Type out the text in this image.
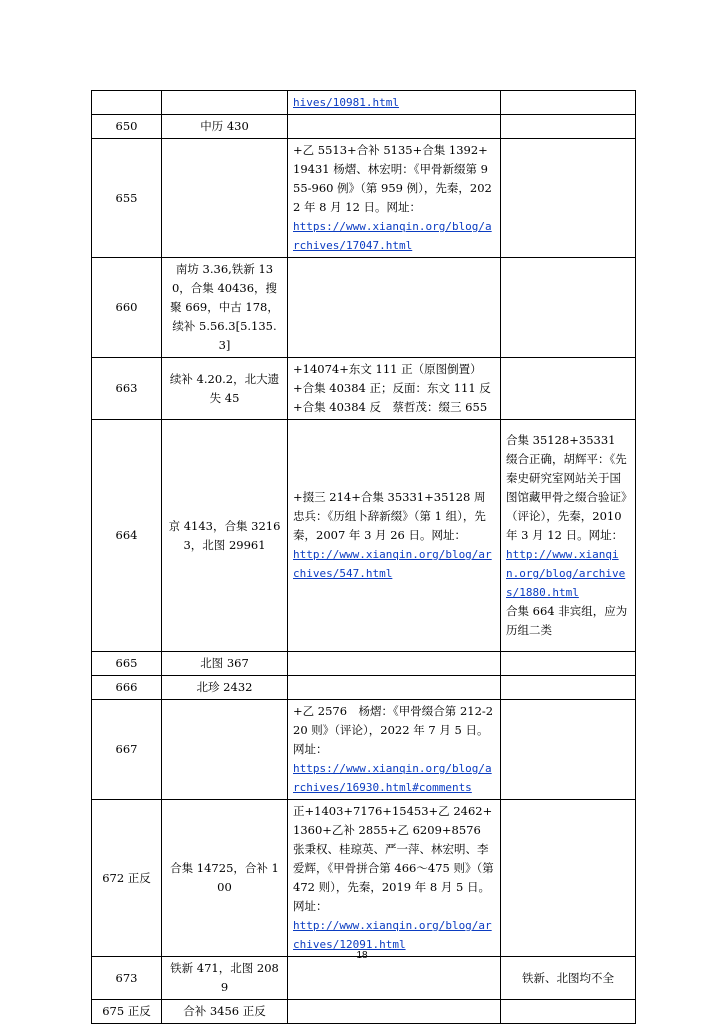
		hives/10981.html	
650	中历 430		
655		+乙 5513+合补 5135+合集 1392+19431 杨熠、林宏明：《甲骨新缀第 955-960 例》（第 959 例），先秦，2022 年 8 月 12 日。网址：
https://www.xianqin.org/blog/archives/17047.html	
660	南坊 3.36,铁新 130，合集 40436，搜聚 669，中古 178，续补 5.56.3[5.135.3]		
663	续补 4.20.2，北大遗失 45	+14074+东文 111 正（原图倒置）+合集 40384 正；反面：东文 111 反+合集 40384 反　蔡哲茂：缀三 655	
664	京 4143，合集 32163，北图 29961	+掇三 214+合集 35331+35128 周忠兵：《历组卜辞新缀》（第 1 组），先秦，2007 年 3 月 26 日。网址：
http://www.xianqin.org/blog/archives/547.html	合集 35128+35331 缀合正确，胡辉平：《先秦史研究室网站关于国图馆藏甲骨之缀合验证》（评论），先秦，2010 年 3 月 12 日。网址：
http://www.xianqin.org/blog/archives/1880.html
合集 664 非宾组，应为历组二类
665	北图 367		
666	北珍 2432		
667		+乙 2576　杨熠：《甲骨缀合第 212-220 则》（评论），2022 年 7 月 5 日。网址：
https://www.xianqin.org/blog/archives/16930.html#comments	
672 正反	合集 14725，合补 100	正+1403+7176+15453+乙 2462+1360+乙补 2855+乙 6209+8576　张秉权、桂琼英、严一萍、林宏明、李爱辉，《甲骨拼合第 466～475 则》（第 472 则），先秦，2019 年 8 月 5 日。网址：
http://www.xianqin.org/blog/archives/12091.html	
673	铁新 471，北图 2089		铁新、北图均不全
675 正反	合补 3456 正反		
18
